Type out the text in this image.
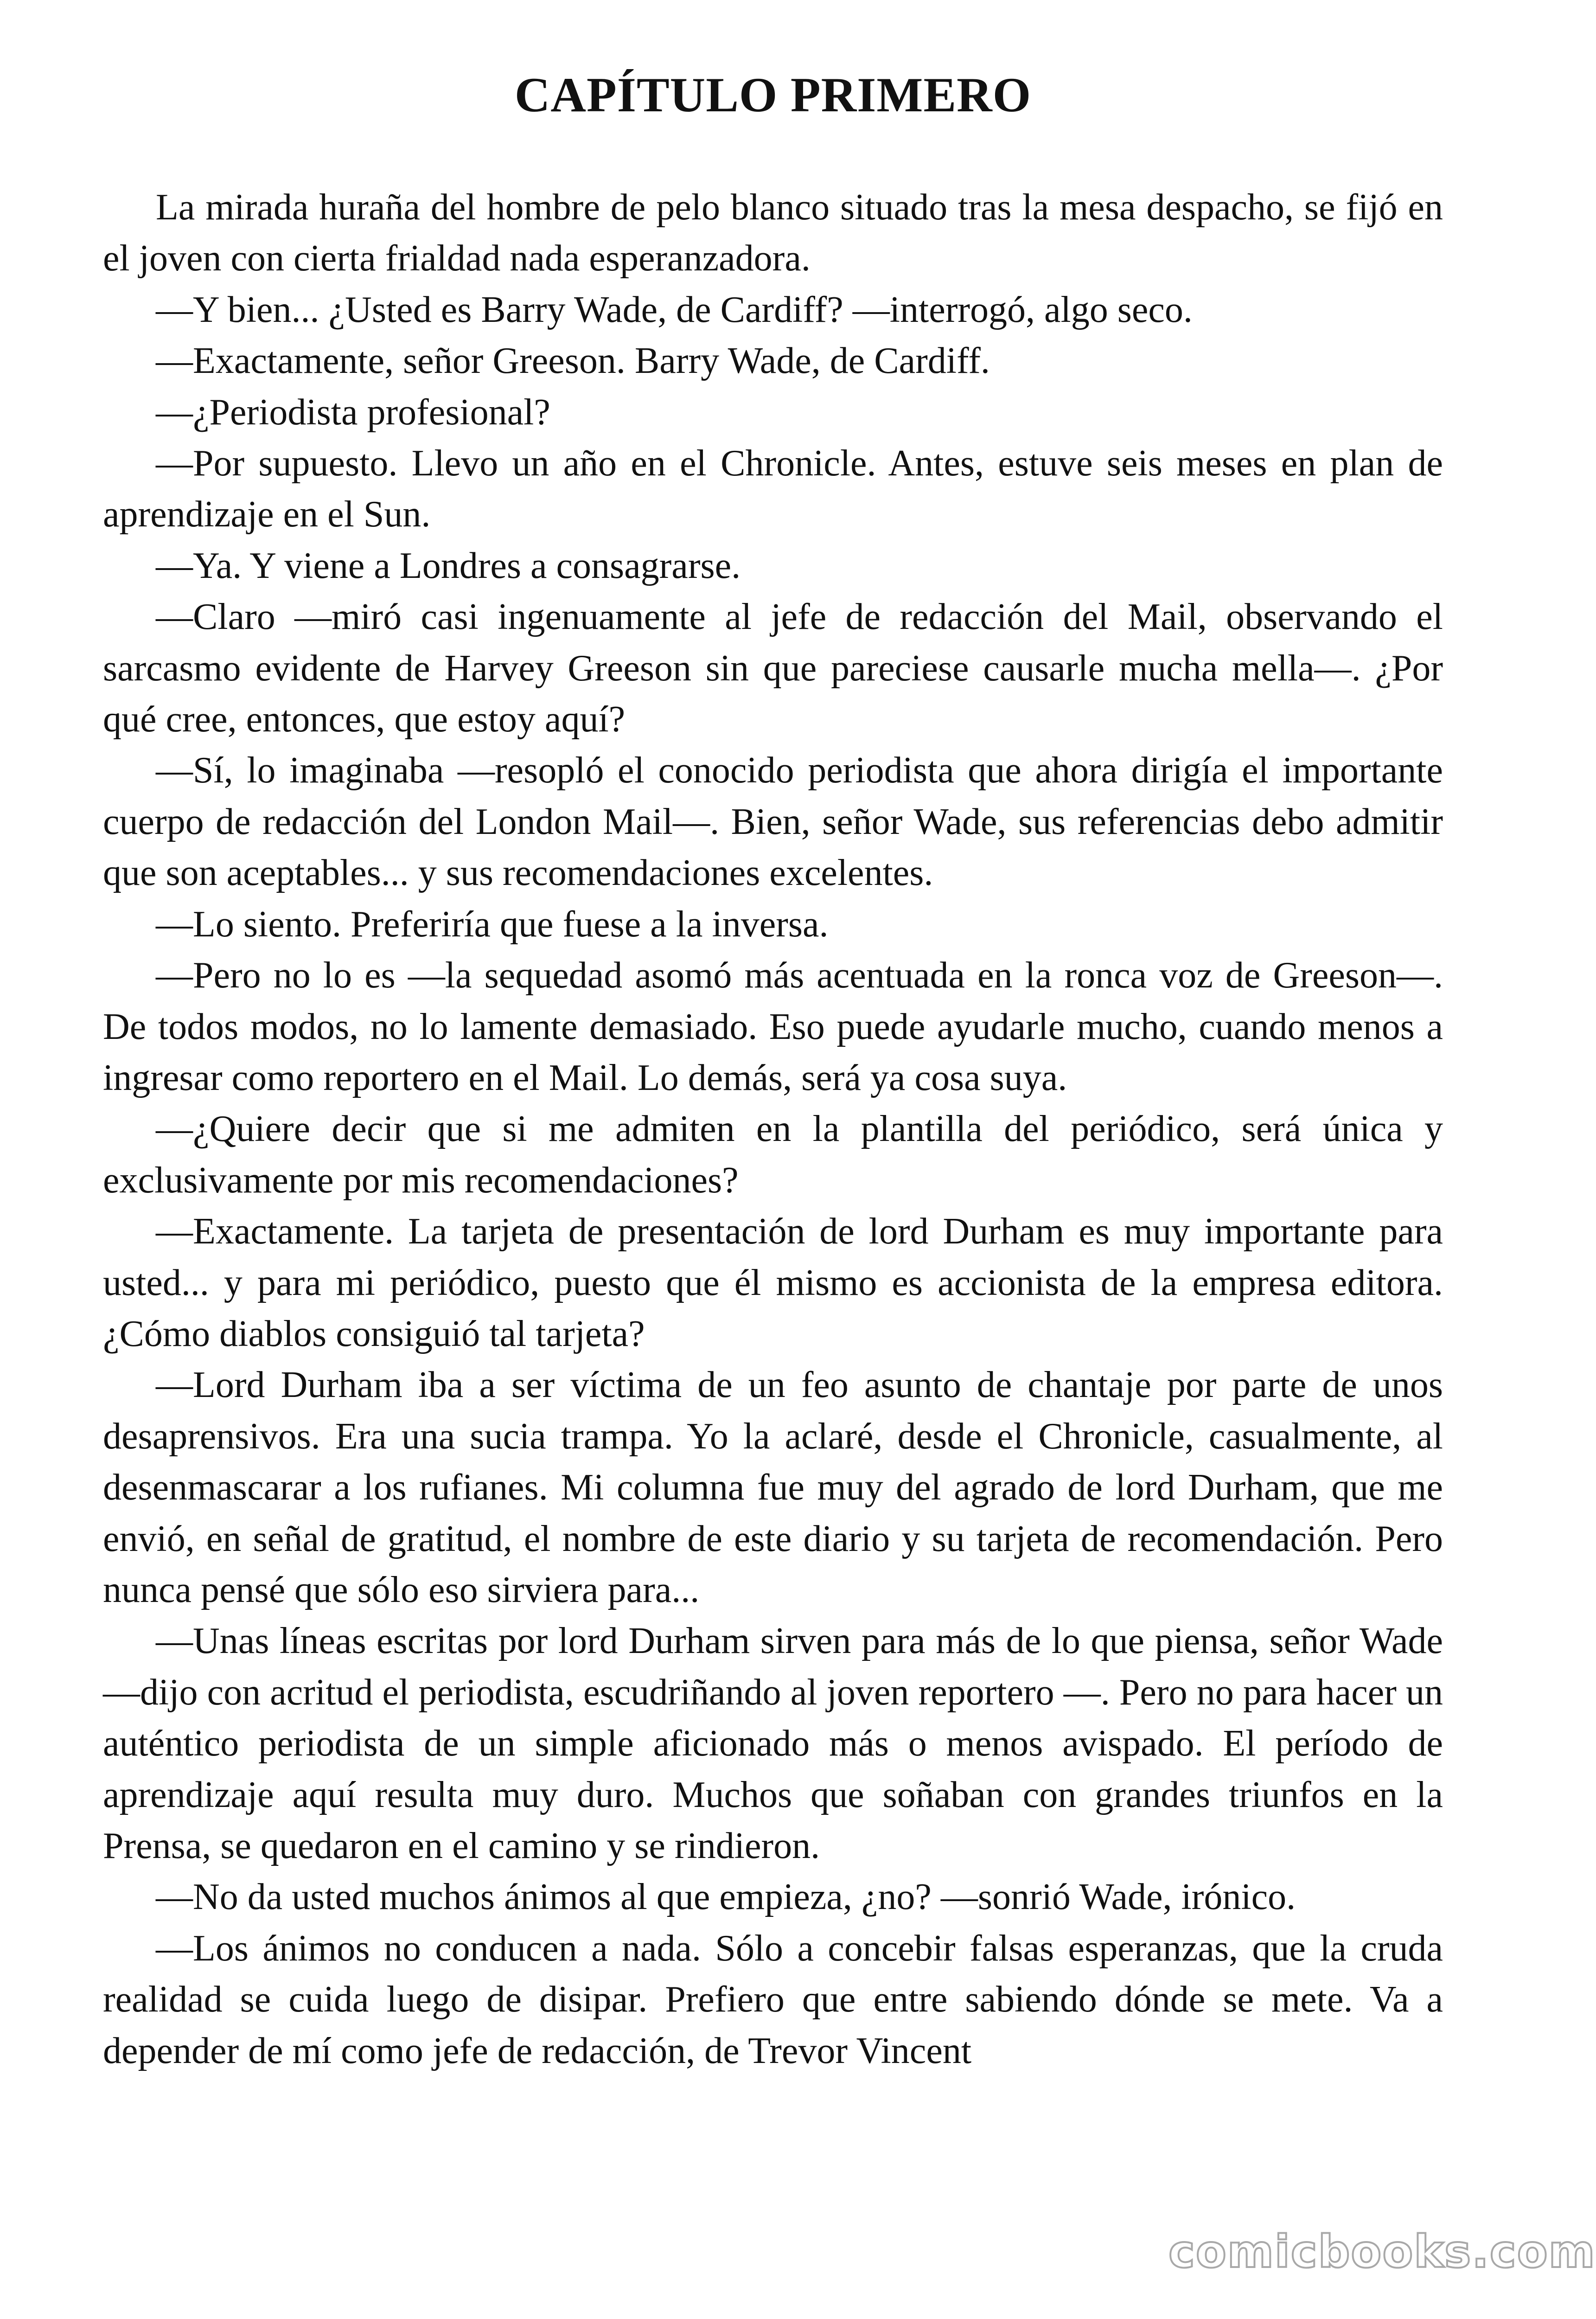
CAPÍTULO PRIMERO

La mirada huraña del hombre de pelo blanco situado tras la mesa despacho, se fijó en el joven con cierta frialdad nada esperanzadora.

—Y bien... ¿Usted es Barry Wade, de Cardiff? —interrogó, algo seco.

—Exactamente, señor Greeson. Barry Wade, de Cardiff.

—¿Periodista profesional?

—Por supuesto. Llevo un año en el Chronicle. Antes, estuve seis meses en plan de aprendizaje en el Sun.

—Ya. Y viene a Londres a consagrarse.

—Claro —miró casi ingenuamente al jefe de redacción del Mail, observando el sarcasmo evidente de Harvey Greeson sin que pareciese causarle mucha mella—. ¿Por qué cree, entonces, que estoy aquí?

—Sí, lo imaginaba —resopló el conocido periodista que ahora dirigía el importante cuerpo de redacción del London Mail—. Bien, señor Wade, sus referencias debo admitir que son aceptables... y sus recomendaciones excelentes.

—Lo siento. Preferiría que fuese a la inversa.

—Pero no lo es —la sequedad asomó más acentuada en la ronca voz de Greeson—. De todos modos, no lo lamente demasiado. Eso puede ayudarle mucho, cuando menos a ingresar como reportero en el Mail. Lo demás, será ya cosa suya.

—¿Quiere decir que si me admiten en la plantilla del periódico, será única y exclusivamente por mis recomendaciones?

—Exactamente. La tarjeta de presentación de lord Durham es muy importante para usted... y para mi periódico, puesto que él mismo es accionista de la empresa editora. ¿Cómo diablos consiguió tal tarjeta?

—Lord Durham iba a ser víctima de un feo asunto de chantaje por parte de unos desaprensivos. Era una sucia trampa. Yo la aclaré, desde el Chronicle, casualmente, al desenmascarar a los rufianes. Mi columna fue muy del agrado de lord Durham, que me envió, en señal de gratitud, el nombre de este diario y su tarjeta de recomendación. Pero nunca pensé que sólo eso sirviera para...

—Unas líneas escritas por lord Durham sirven para más de lo que piensa, señor Wade —dijo con acritud el periodista, escudriñando al joven reportero —. Pero no para hacer un auténtico periodista de un simple aficionado más o menos avispado. El período de aprendizaje aquí resulta muy duro. Muchos que soñaban con grandes triunfos en la Prensa, se quedaron en el camino y se rindieron.

—No da usted muchos ánimos al que empieza, ¿no? —sonrió Wade, irónico.

—Los ánimos no conducen a nada. Sólo a concebir falsas esperanzas, que la cruda realidad se cuida luego de disipar. Prefiero que entre sabiendo dónde se mete. Va a depender de mí como jefe de redacción, de Trevor Vincent

comicbooks.com
